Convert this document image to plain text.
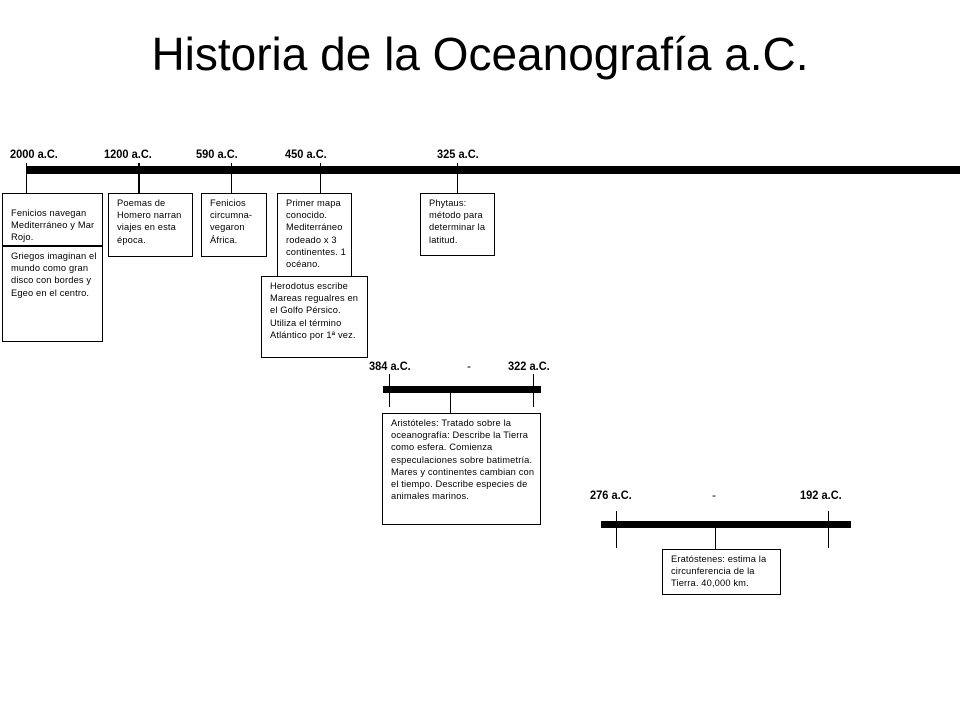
Historia de la Oceanografía a.C.
2000 a.C.	1200 a.C.	590 a.C.	450 a.C.	325 a.C.
Fenicios navegan Mediterráneo y Mar Rojo.
Griegos imaginan el mundo como gran disco con bordes y Egeo en el centro.
Poemas de Homero narran viajes en esta época.
Fenicios circumna-vegaron África.
Primer mapa conocido. Mediterráneo rodeado x 3 continentes. 1 océano.
Herodotus escribe Mareas regualres en el Golfo Pérsico. Utiliza el término Atlántico por 1ª vez.
Phytaus: método para determinar la latitud.
384 a.C.	-	322 a.C.
Aristóteles: Tratado sobre la oceanografía: Describe la Tierra como esfera. Comienza especulaciones sobre batimetría. Mares y continentes cambian con el tiempo. Describe especies de animales marinos.	276 a.C.	-	192 a.C.
Eratóstenes: estima la circunferencia de la Tierra. 40,000 km.
